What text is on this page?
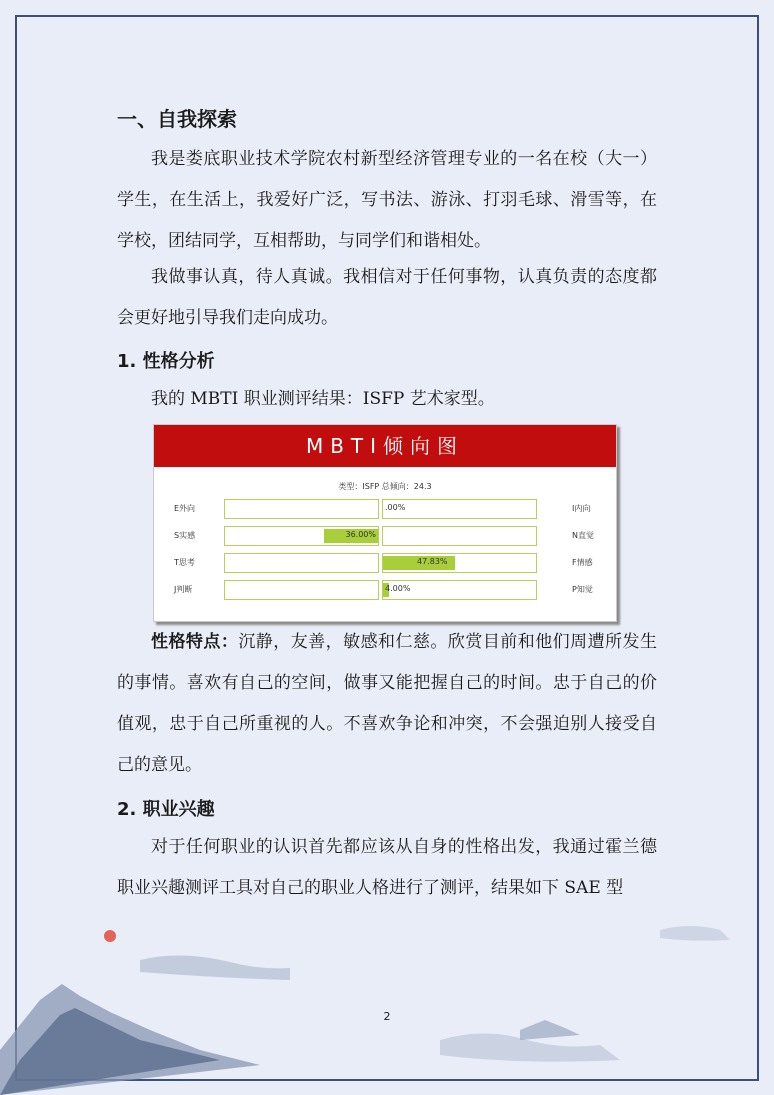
一、自我探索

我是娄底职业技术学院农村新型经济管理专业的一名在校（大一）学生，在生活上，我爱好广泛，写书法、游泳、打羽毛球、滑雪等，在学校，团结同学，互相帮助，与同学们和谐相处。

我做事认真，待人真诚。我相信对于任何事物，认真负责的态度都会更好地引导我们走向成功。

1. 性格分析

我的 MBTI 职业测评结果：ISFP 艺术家型。

性格特点：沉静，友善，敏感和仁慈。欣赏目前和他们周遭所发生的事情。喜欢有自己的空间，做事又能把握自己的时间。忠于自己的价值观，忠于自己所重视的人。不喜欢争论和冲突，不会强迫别人接受自己的意见。

2. 职业兴趣

对于任何职业的认识首先都应该从自身的性格出发，我通过霍兰德职业兴趣测评工具对自己的职业人格进行了测评，结果如下 SAE 型

MBTI倾向图
类型：ISFP 总倾向：24.3
E外向	.00%	I内向
S实感	36.00%	N直觉
T思考	47.83%	F情感
J判断	4.00%	P知觉
2
